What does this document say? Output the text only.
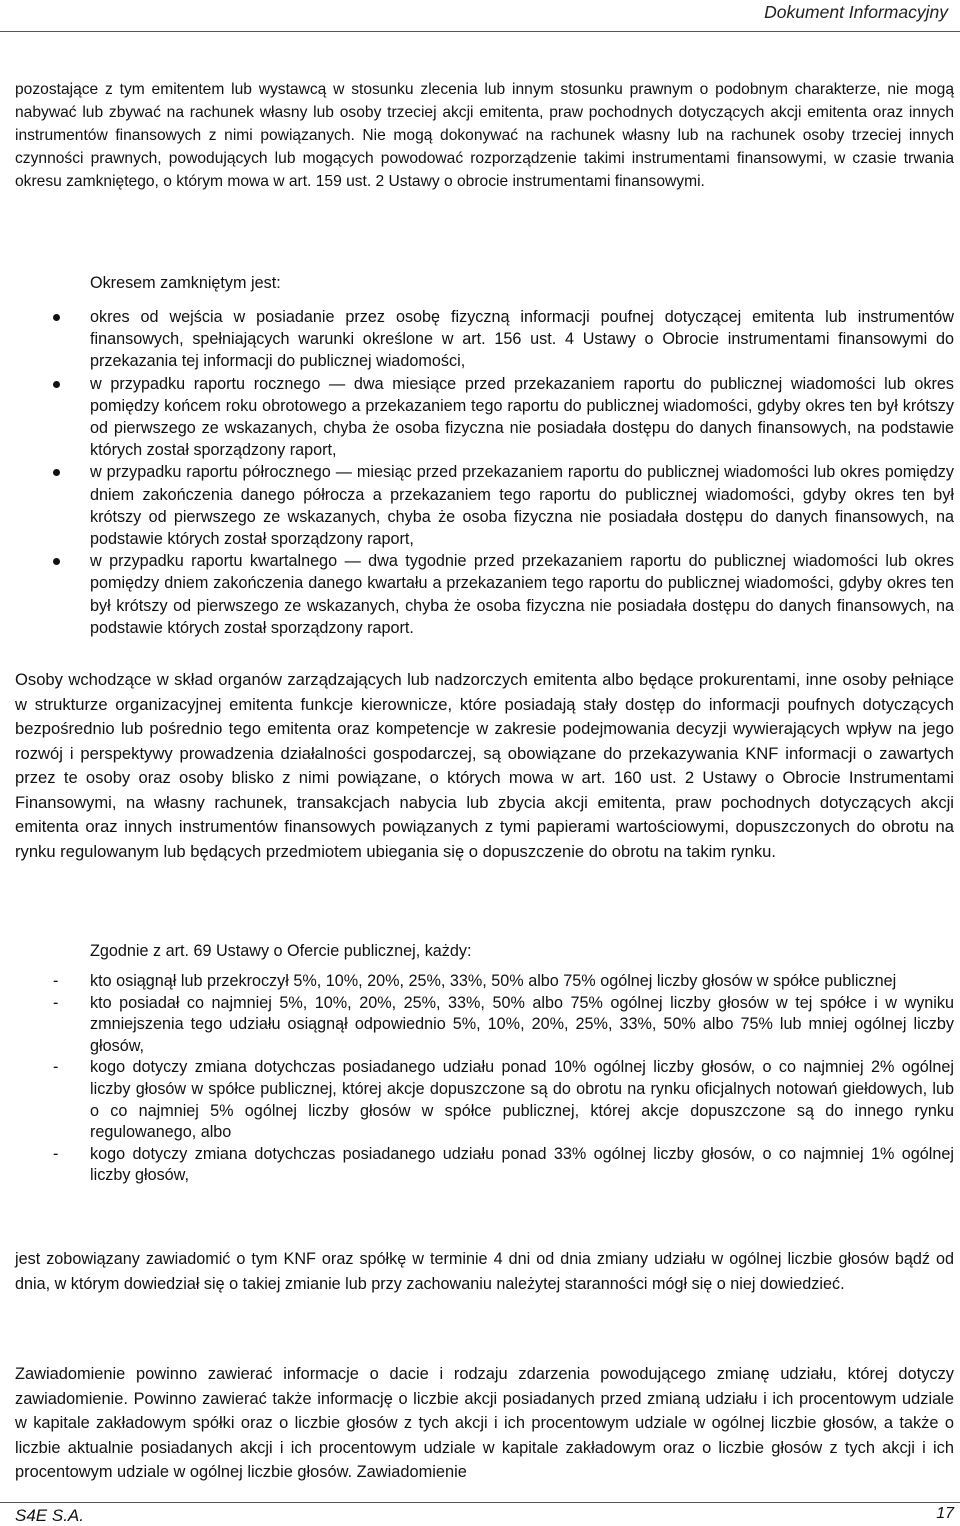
Dokument Informacyjny

pozostające z tym emitentem lub wystawcą w stosunku zlecenia lub innym stosunku prawnym o podobnym charakterze, nie mogą nabywać lub zbywać na rachunek własny lub osoby trzeciej akcji emitenta, praw pochodnych dotyczących akcji emitenta oraz innych instrumentów finansowych z nimi powiązanych. Nie mogą dokonywać na rachunek własny lub na rachunek osoby trzeciej innych czynności prawnych, powodujących lub mogących powodować rozporządzenie takimi instrumentami finansowymi, w czasie trwania okresu zamkniętego, o którym mowa w art. 159 ust. 2 Ustawy o obrocie instrumentami finansowymi.

Okresem zamkniętym jest:

okres od wejścia w posiadanie przez osobę fizyczną informacji poufnej dotyczącej emitenta lub instrumentów finansowych, spełniających warunki określone w art. 156 ust. 4 Ustawy o Obrocie instrumentami finansowymi do przekazania tej informacji do publicznej wiadomości,
w przypadku raportu rocznego — dwa miesiące przed przekazaniem raportu do publicznej wiadomości lub okres pomiędzy końcem roku obrotowego a przekazaniem tego raportu do publicznej wiadomości, gdyby okres ten był krótszy od pierwszego ze wskazanych, chyba że osoba fizyczna nie posiadała dostępu do danych finansowych, na podstawie których został sporządzony raport,
w przypadku raportu półrocznego — miesiąc przed przekazaniem raportu do publicznej wiadomości lub okres pomiędzy dniem zakończenia danego półrocza a przekazaniem tego raportu do publicznej wiadomości, gdyby okres ten był krótszy od pierwszego ze wskazanych, chyba że osoba fizyczna nie posiadała dostępu do danych finansowych, na podstawie których został sporządzony raport,
w przypadku raportu kwartalnego — dwa tygodnie przed przekazaniem raportu do publicznej wiadomości lub okres pomiędzy dniem zakończenia danego kwartału a przekazaniem tego raportu do publicznej wiadomości, gdyby okres ten był krótszy od pierwszego ze wskazanych, chyba że osoba fizyczna nie posiadała dostępu do danych finansowych, na podstawie których został sporządzony raport.

Osoby wchodzące w skład organów zarządzających lub nadzorczych emitenta albo będące prokurentami, inne osoby pełniące w strukturze organizacyjnej emitenta funkcje kierownicze, które posiadają stały dostęp do informacji poufnych dotyczących bezpośrednio lub pośrednio tego emitenta oraz kompetencje w zakresie podejmowania decyzji wywierających wpływ na jego rozwój i perspektywy prowadzenia działalności gospodarczej, są obowiązane do przekazywania KNF informacji o zawartych przez te osoby oraz osoby blisko z nimi powiązane, o których mowa w art. 160 ust. 2 Ustawy o Obrocie Instrumentami Finansowymi, na własny rachunek, transakcjach nabycia lub zbycia akcji emitenta, praw pochodnych dotyczących akcji emitenta oraz innych instrumentów finansowych powiązanych z tymi papierami wartościowymi, dopuszczonych do obrotu na rynku regulowanym lub będących przedmiotem ubiegania się o dopuszczenie do obrotu na takim rynku.

Zgodnie z art. 69 Ustawy o Ofercie publicznej, każdy:

- kto osiągnął lub przekroczył 5%, 10%, 20%, 25%, 33%, 50% albo 75% ogólnej liczby głosów w spółce publicznej
- kto posiadał co najmniej 5%, 10%, 20%, 25%, 33%, 50% albo 75% ogólnej liczby głosów w tej spółce i w wyniku zmniejszenia tego udziału osiągnął odpowiednio 5%, 10%, 20%, 25%, 33%, 50% albo 75% lub mniej ogólnej liczby głosów,
- kogo dotyczy zmiana dotychczas posiadanego udziału ponad 10% ogólnej liczby głosów, o co najmniej 2% ogólnej liczby głosów w spółce publicznej, której akcje dopuszczone są do obrotu na rynku oficjalnych notowań giełdowych, lub o co najmniej 5% ogólnej liczby głosów w spółce publicznej, której akcje dopuszczone są do innego rynku regulowanego, albo
- kogo dotyczy zmiana dotychczas posiadanego udziału ponad 33% ogólnej liczby głosów, o co najmniej 1% ogólnej liczby głosów,

jest zobowiązany zawiadomić o tym KNF oraz spółkę w terminie 4 dni od dnia zmiany udziału w ogólnej liczbie głosów bądź od dnia, w którym dowiedział się o takiej zmianie lub przy zachowaniu należytej staranności mógł się o niej dowiedzieć.

Zawiadomienie powinno zawierać informacje o dacie i rodzaju zdarzenia powodującego zmianę udziału, której dotyczy zawiadomienie. Powinno zawierać także informację o liczbie akcji posiadanych przed zmianą udziału i ich procentowym udziale w kapitale zakładowym spółki oraz o liczbie głosów z tych akcji i ich procentowym udziale w ogólnej liczbie głosów, a także o liczbie aktualnie posiadanych akcji i ich procentowym udziale w kapitale zakładowym oraz o liczbie głosów z tych akcji i ich procentowym udziale w ogólnej liczbie głosów. Zawiadomienie

S4E S.A.	17
